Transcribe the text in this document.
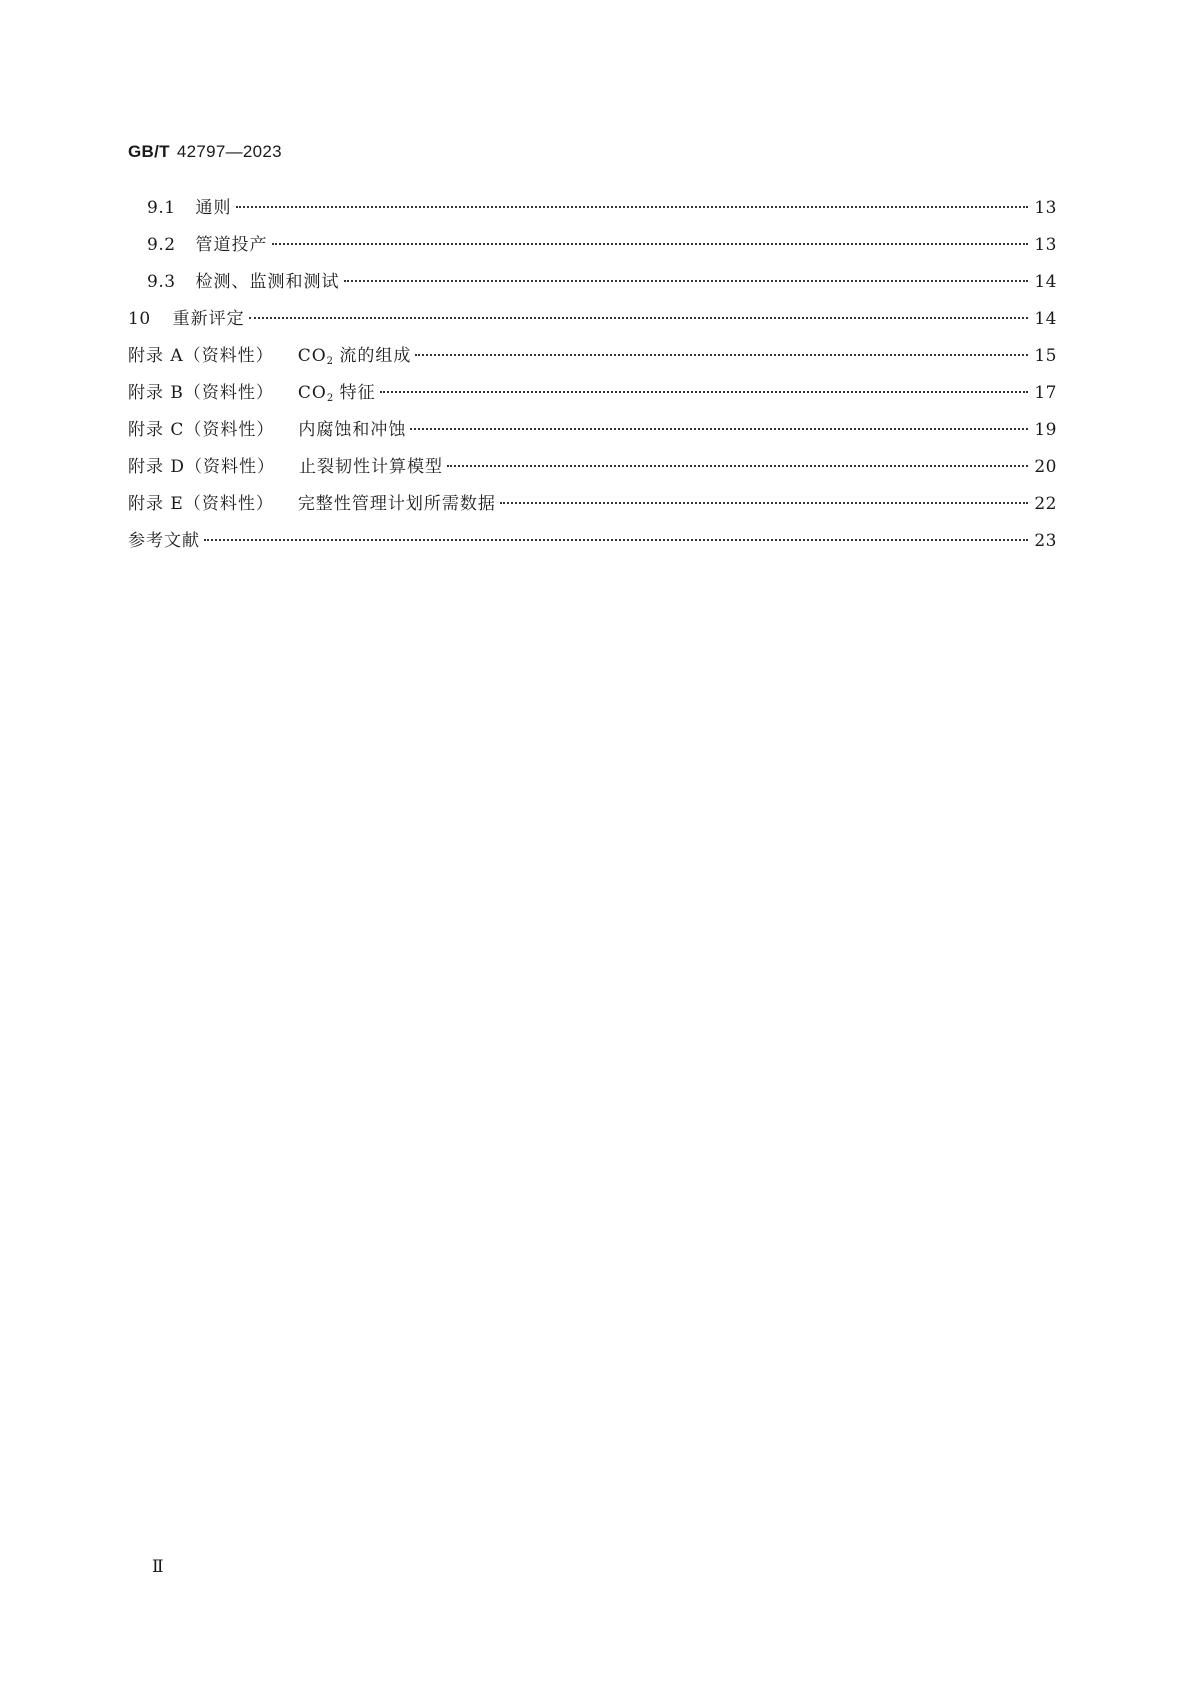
GB/T 42797—2023
9.1 通则	13
9.2 管道投产	13
9.3 检测、监测和测试	14
10 重新评定	14
附录 A（资料性） CO2 流的组成	15
附录 B（资料性） CO2 特征	17
附录 C（资料性） 内腐蚀和冲蚀	19
附录 D（资料性） 止裂韧性计算模型	20
附录 E（资料性） 完整性管理计划所需数据	22
参考文献	23
Ⅱ
